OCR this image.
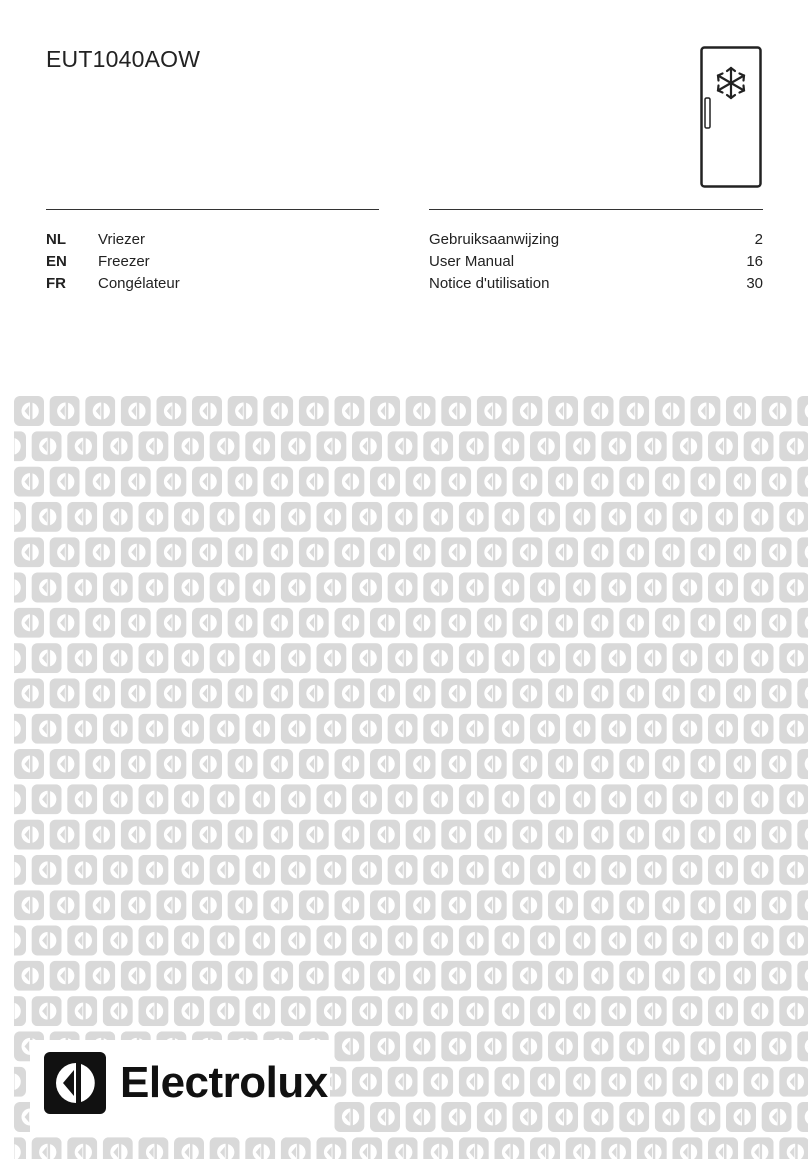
EUT1040AOW
NL Vriezer
EN Freezer
FR Congélateur
Gebruiksaanwijzing	2
User Manual	16
Notice d'utilisation	30
Electrolux
